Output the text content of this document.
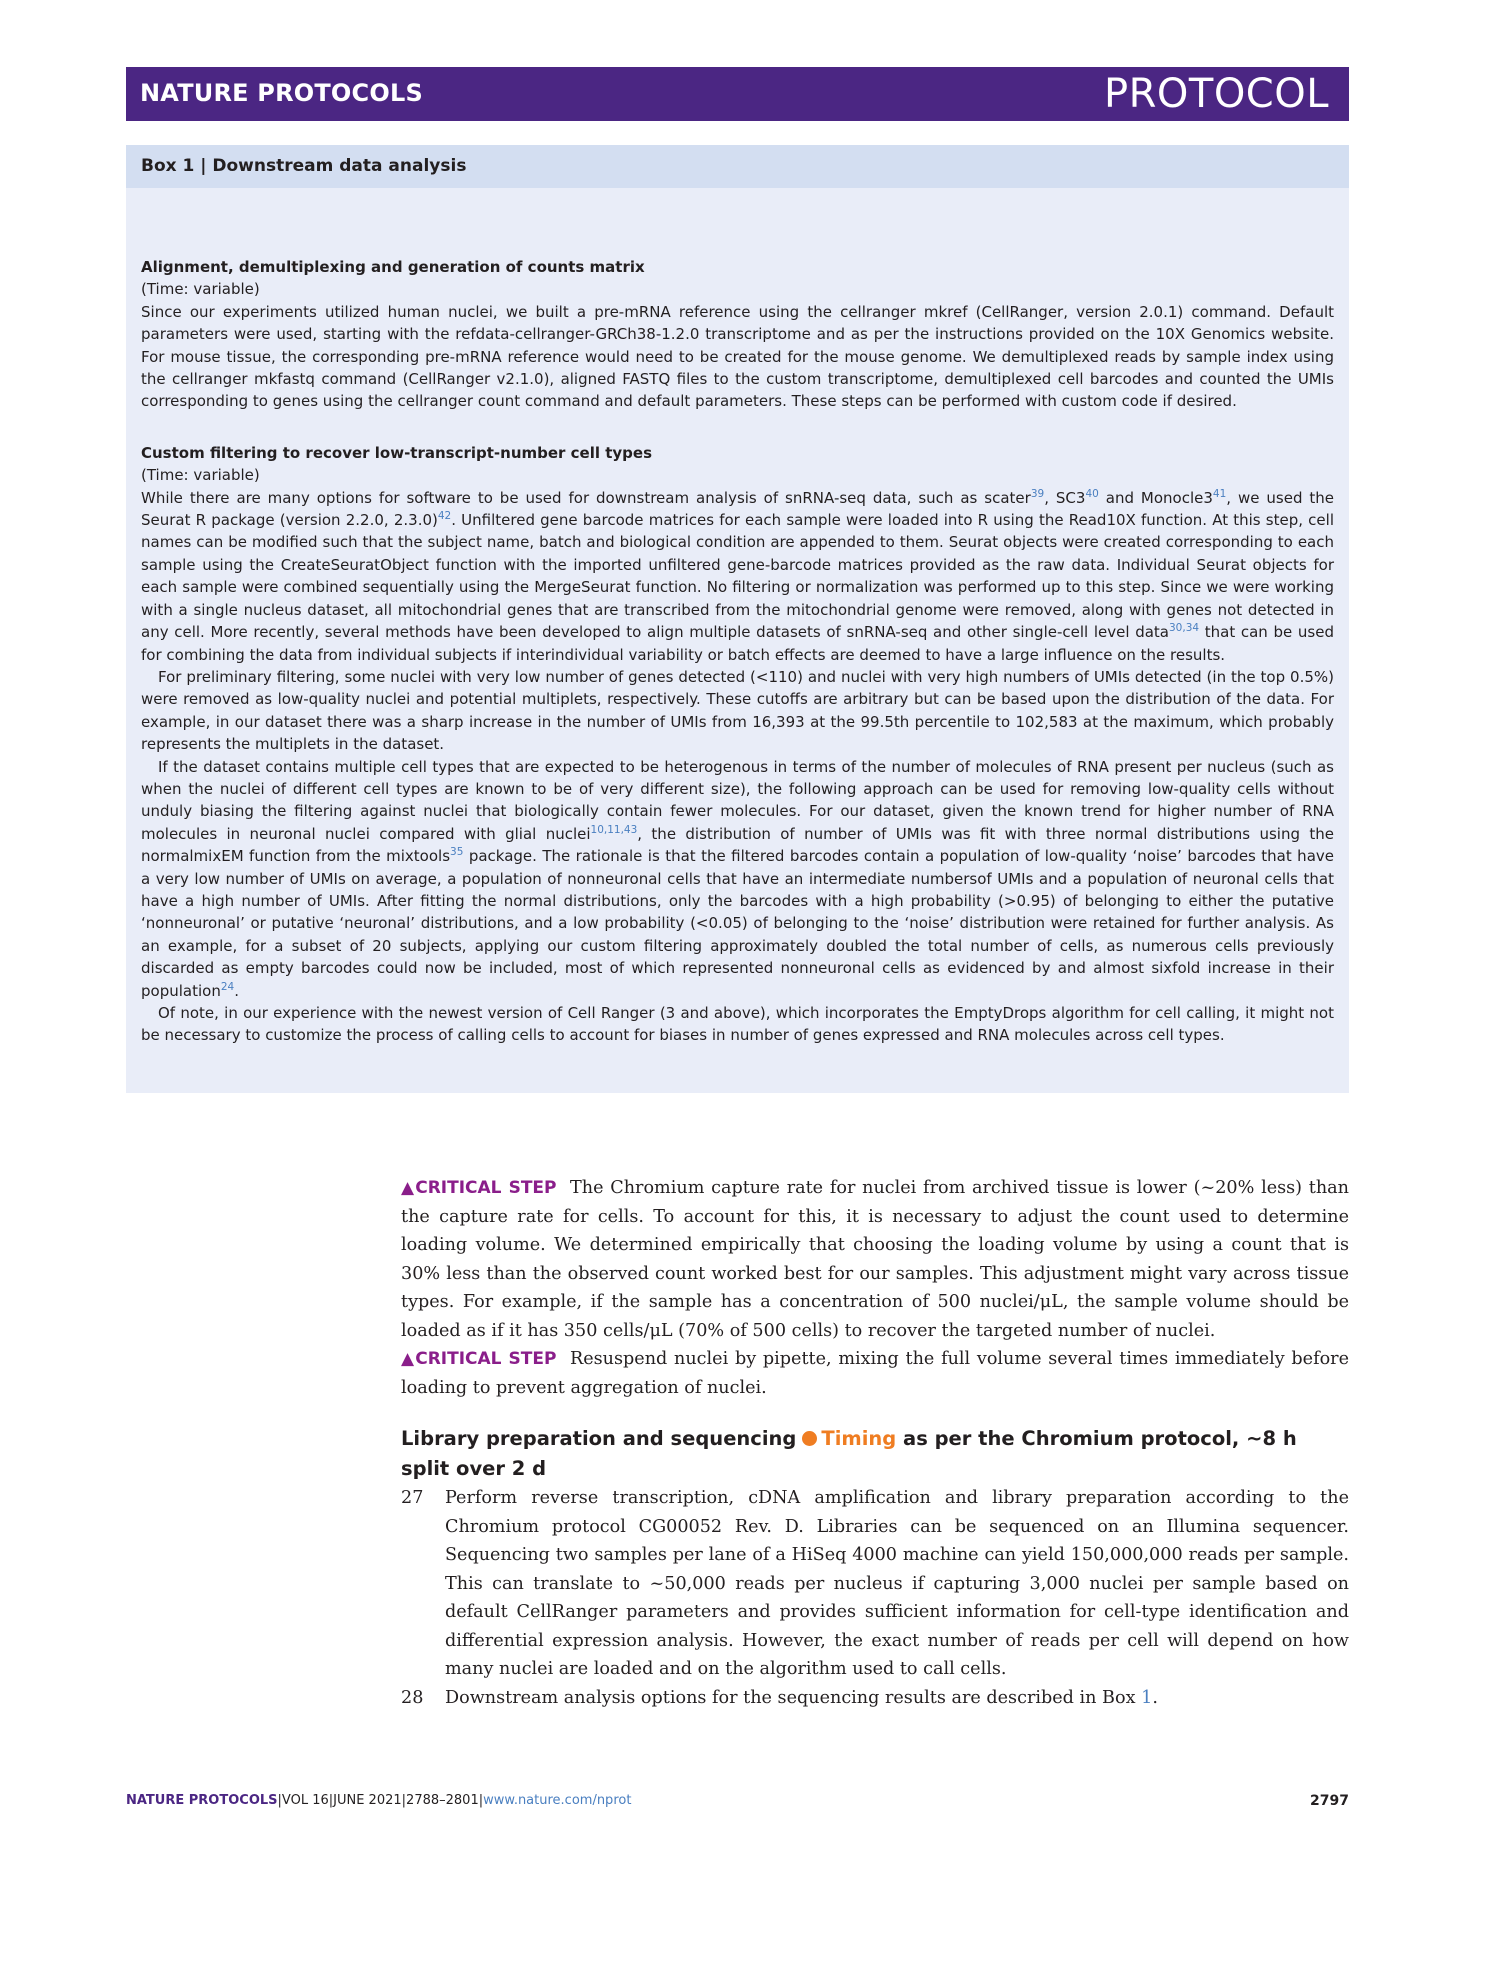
NATURE PROTOCOLS	PROTOCOL
Box 1 | Downstream data analysis
Alignment, demultiplexing and generation of counts matrix

(Time: variable)

Since our experiments utilized human nuclei, we built a pre-mRNA reference using the cellranger mkref (CellRanger, version 2.0.1) command. Default parameters were used, starting with the refdata-cellranger-GRCh38-1.2.0 transcriptome and as per the instructions provided on the 10X Genomics website. For mouse tissue, the corresponding pre-mRNA reference would need to be created for the mouse genome. We demultiplexed reads by sample index using the cellranger mkfastq command (CellRanger v2.1.0), aligned FASTQ files to the custom transcriptome, demultiplexed cell barcodes and counted the UMIs corresponding to genes using the cellranger count command and default parameters. These steps can be performed with custom code if desired.

Custom filtering to recover low-transcript-number cell types

(Time: variable)

While there are many options for software to be used for downstream analysis of snRNA-seq data, such as scater$^{39}$, $SC3^{40}$ and $Monocle3^{41}$, we used the Seurat R package (version 2.2.0, 2.3.0)$^{42}$. Unfiltered gene barcode matrices for each sample were loaded into R using the Read10X function. At this step, cell names can be modified such that the subject name, batch and biological condition are appended to them. Seurat objects were created corresponding to each sample using the CreateSeuratObject function with the imported unfiltered gene-barcode matrices provided as the raw data. Individual Seurat objects for each sample were combined sequentially using the MergeSeurat function. No filtering or normalization was performed up to this step. Since we were working with a single nucleus dataset, all mitochondrial genes that are transcribed from the mitochondrial genome were removed, along with genes not detected in any cell. More recently, several methods have been developed to align multiple datasets of snRNA-seq and other single-cell level data$^{30,34}$ that can be used for combining the data from individual subjects if interindividual variability or batch effects are deemed to have a large influence on the results.

For preliminary filtering, some nuclei with very low number of genes detected (<110) and nuclei with very high numbers of UMIs detected (in the top 0.5%) were removed as low-quality nuclei and potential multiplets, respectively. These cutoffs are arbitrary but can be based upon the distribution of the data. For example, in our dataset there was a sharp increase in the number of UMIs from 16,393 at the 99.5th percentile to 102,583 at the maximum, which probably represents the multiplets in the dataset.

If the dataset contains multiple cell types that are expected to be heterogenous in terms of the number of molecules of RNA present per nucleus (such as when the nuclei of different cell types are known to be of very different size), the following approach can be used for removing low-quality cells without unduly biasing the filtering against nuclei that biologically contain fewer molecules. For our dataset, given the known trend for higher number of RNA molecules in neuronal nuclei compared with glial nuclei$^{10,11,43}$, the distribution of number of UMIs was fit with three normal distributions using the normalmixEM function from the mixtools$^{35}$ package. The rationale is that the filtered barcodes contain a population of low-quality ‘noise’ barcodes that have a very low number of UMIs on average, a population of nonneuronal cells that have an intermediate numbersof UMIs and a population of neuronal cells that have a high number of UMIs. After fitting the normal distributions, only the barcodes with a high probability (>0.95) of belonging to either the putative ‘nonneuronal’ or putative ‘neuronal’ distributions, and a low probability (<0.05) of belonging to the ‘noise’ distribution were retained for further analysis. As an example, for a subset of 20 subjects, applying our custom filtering approximately doubled the total number of cells, as numerous cells previously discarded as empty barcodes could now be included, most of which represented nonneuronal cells as evidenced by and almost sixfold increase in their population$^{24}$.

Of note, in our experience with the newest version of Cell Ranger (3 and above), which incorporates the EmptyDrops algorithm for cell calling, it might not be necessary to customize the process of calling cells to account for biases in number of genes expressed and RNA molecules across cell types.

▲CRITICAL STEP The Chromium capture rate for nuclei from archived tissue is lower (~20% less) than the capture rate for cells. To account for this, it is necessary to adjust the count used to determine loading volume. We determined empirically that choosing the loading volume by using a count that is 30% less than the observed count worked best for our samples. This adjustment might vary across tissue types. For example, if the sample has a concentration of 500 nuclei/μL, the sample volume should be loaded as if it has 350 cells/μL (70% of 500 cells) to recover the targeted number of nuclei.

▲CRITICAL STEP Resuspend nuclei by pipette, mixing the full volume several times immediately before loading to prevent aggregation of nuclei.

Library preparation and sequencing Timing as per the Chromium protocol, ~8 h split over 2 d
27	Perform reverse transcription, cDNA amplification and library preparation according to the Chromium protocol CG00052 Rev. D. Libraries can be sequenced on an Illumina sequencer. Sequencing two samples per lane of a HiSeq 4000 machine can yield 150,000,000 reads per sample. This can translate to ~50,000 reads per nucleus if capturing 3,000 nuclei per sample based on default CellRanger parameters and provides sufficient information for cell-type identification and differential expression analysis. However, the exact number of reads per cell will depend on how many nuclei are loaded and on the algorithm used to call cells.
28	Downstream analysis options for the sequencing results are described in Box 1.
NATURE PROTOCOLS|VOL 16|JUNE 2021|2788–2801|www.nature.com/nprot	2797
